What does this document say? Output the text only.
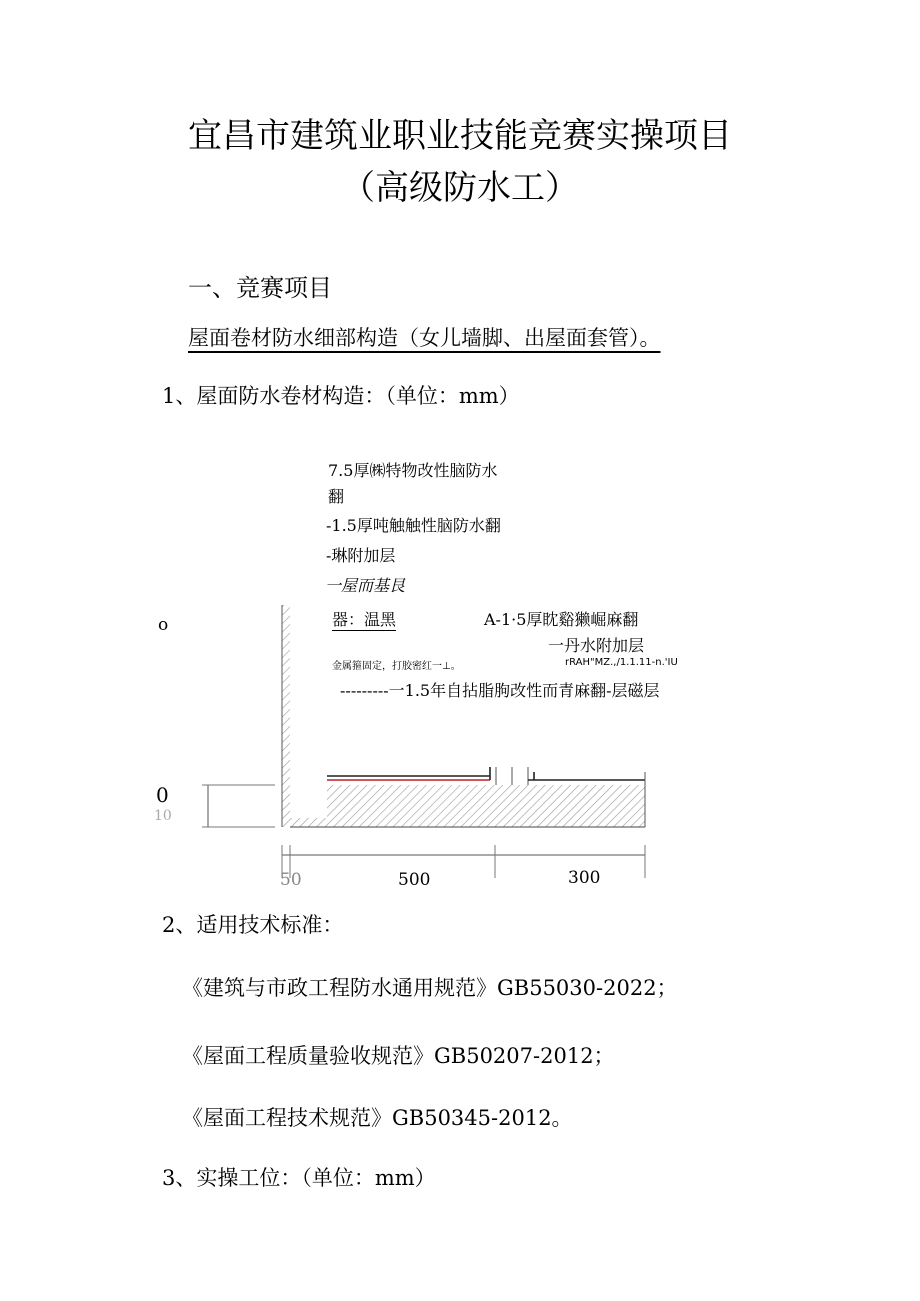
宜昌市建筑业职业技能竞赛实操项目
（高级防水工）
一、竞赛项目
屋面卷材防水细部构造（女儿墙脚、出屋面套管）。
1、屋面防水卷材构造：（单位：mm）
7.5厚㈱特物改性脑防水
翻
-1.5厚吨触触性脑防水翻
-琳附加层
一屋而基艮
器：温黑	A-1·5厚眈谿獭崛麻翻
一丹水附加层
金属箍固定，打胶密红一⊥。	rRAH"MZ.,/1.1.11-n.'IU
---------一1.5年自拈脂朐改性而青麻翻-层磁层
o
0
10
50	500	300
2、适用技术标准：
《建筑与市政工程防水通用规范》GB55030-2022；
《屋面工程质量验收规范》GB50207-2012；
《屋面工程技术规范》GB50345-2012。
3、实操工位：（单位：mm）
